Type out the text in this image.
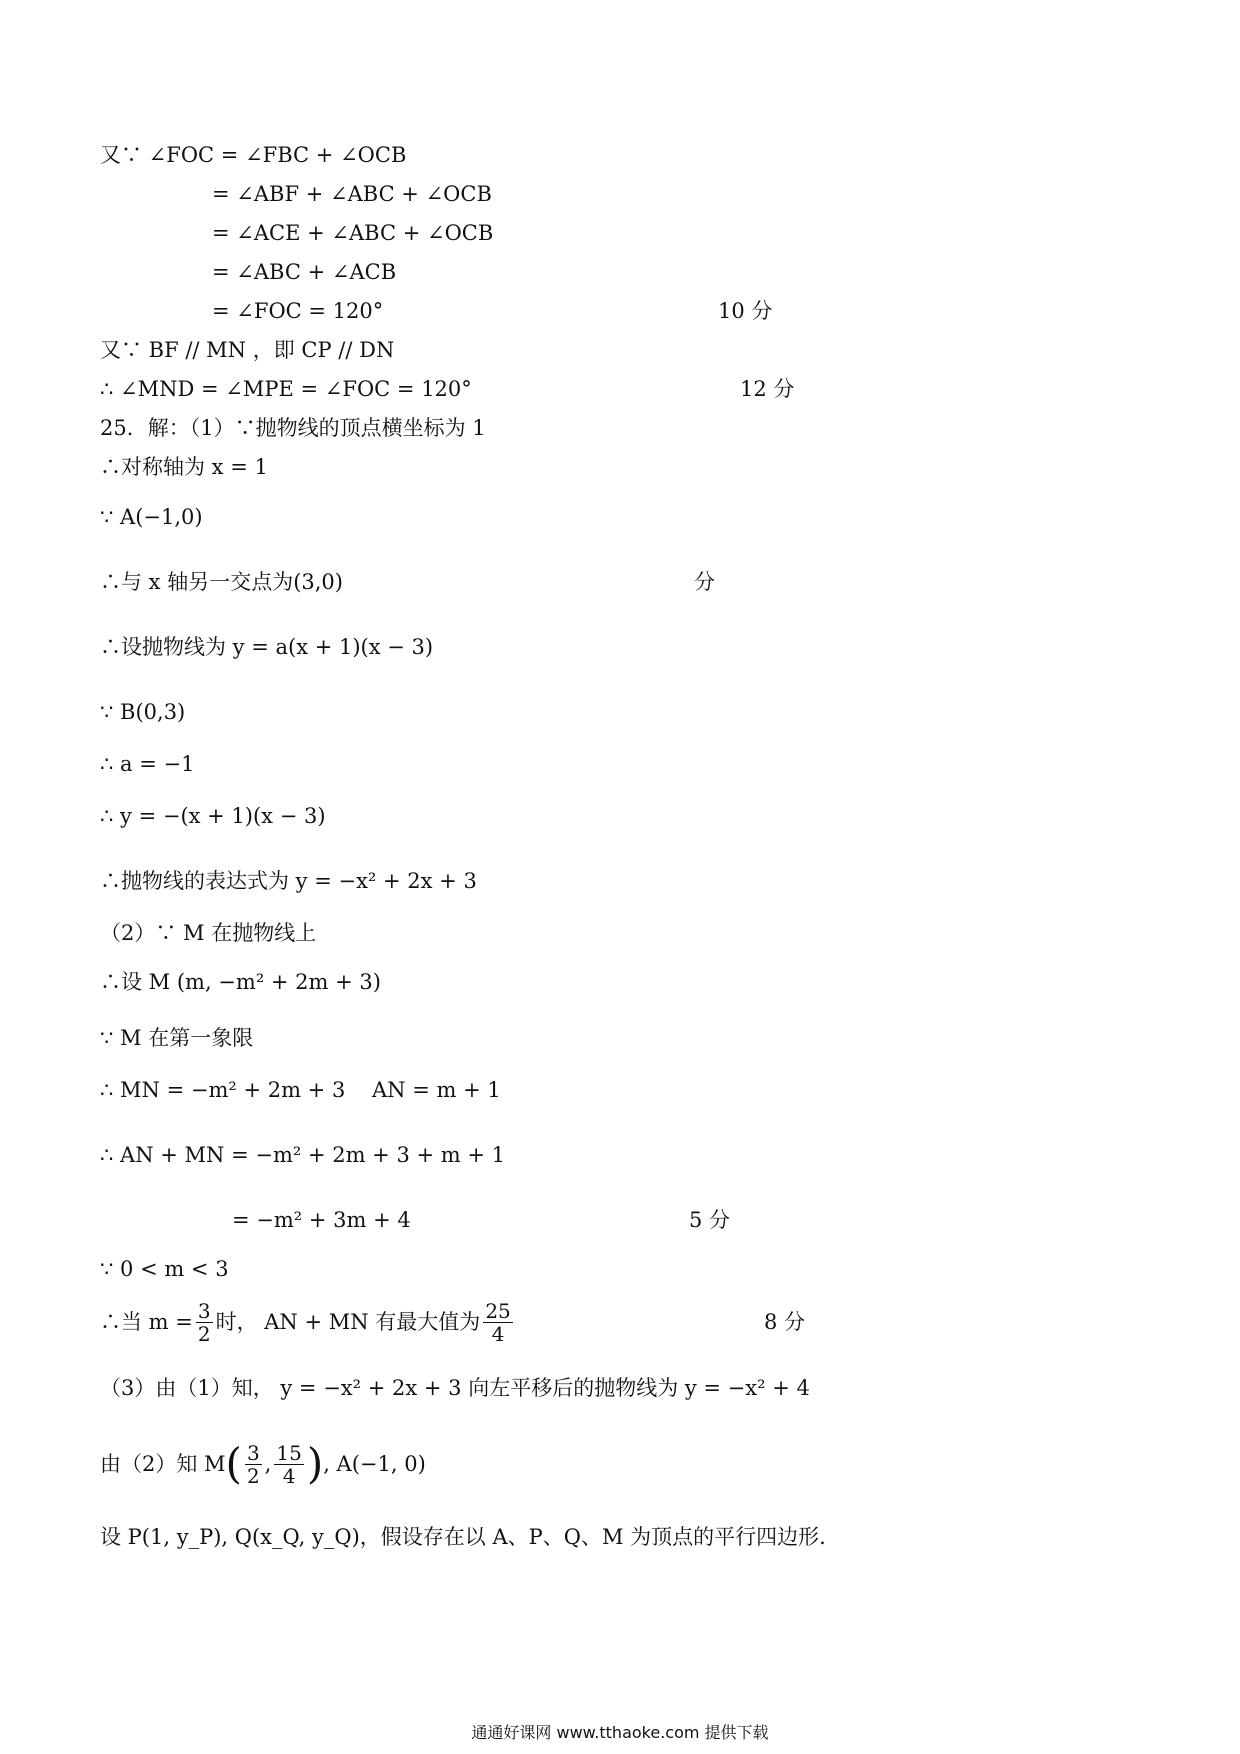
又∵ ∠FOC = ∠FBC + ∠OCB
= ∠ABF + ∠ABC + ∠OCB
= ∠ACE + ∠ABC + ∠OCB
= ∠ABC + ∠ACB
= ∠FOC = 120°	10 分
又∵ BF // MN ，即 CP // DN
∴ ∠MND = ∠MPE = ∠FOC = 120°	12 分
25．解：（1）∵抛物线的顶点横坐标为 1
∴对称轴为 x = 1
∵ A(−1,0)
∴与 x 轴另一交点为(3,0)	分
∴设抛物线为 y = a(x + 1)(x − 3)
∵ B(0,3)
∴ a = −1
∴ y = −(x + 1)(x − 3)
∴抛物线的表达式为 y = −x² + 2x + 3
（2）∵ M 在抛物线上
∴设 M (m, −m² + 2m + 3)
∵ M 在第一象限
∴ MN = −m² + 2m + 3    AN = m + 1
∴ AN + MN = −m² + 2m + 3 + m + 1
= −m² + 3m + 4	5 分
∵ 0 < m < 3
∴当 $m = \frac{3}{2}$ 时， AN + MN 有最大值为 $\frac{25}{4}$	8 分
（3）由（1）知， y = −x² + 2x + 3 向左平移后的抛物线为 y = −x² + 4
由（2）知 M ( $\frac{3}{2}$ , $\frac{15}{4}$ ) , A(−1, 0)
设 P(1, y_P), Q(x_Q, y_Q)，假设存在以 A、P、Q、M 为顶点的平行四边形.
通通好课网 www.tthaoke.com 提供下载
